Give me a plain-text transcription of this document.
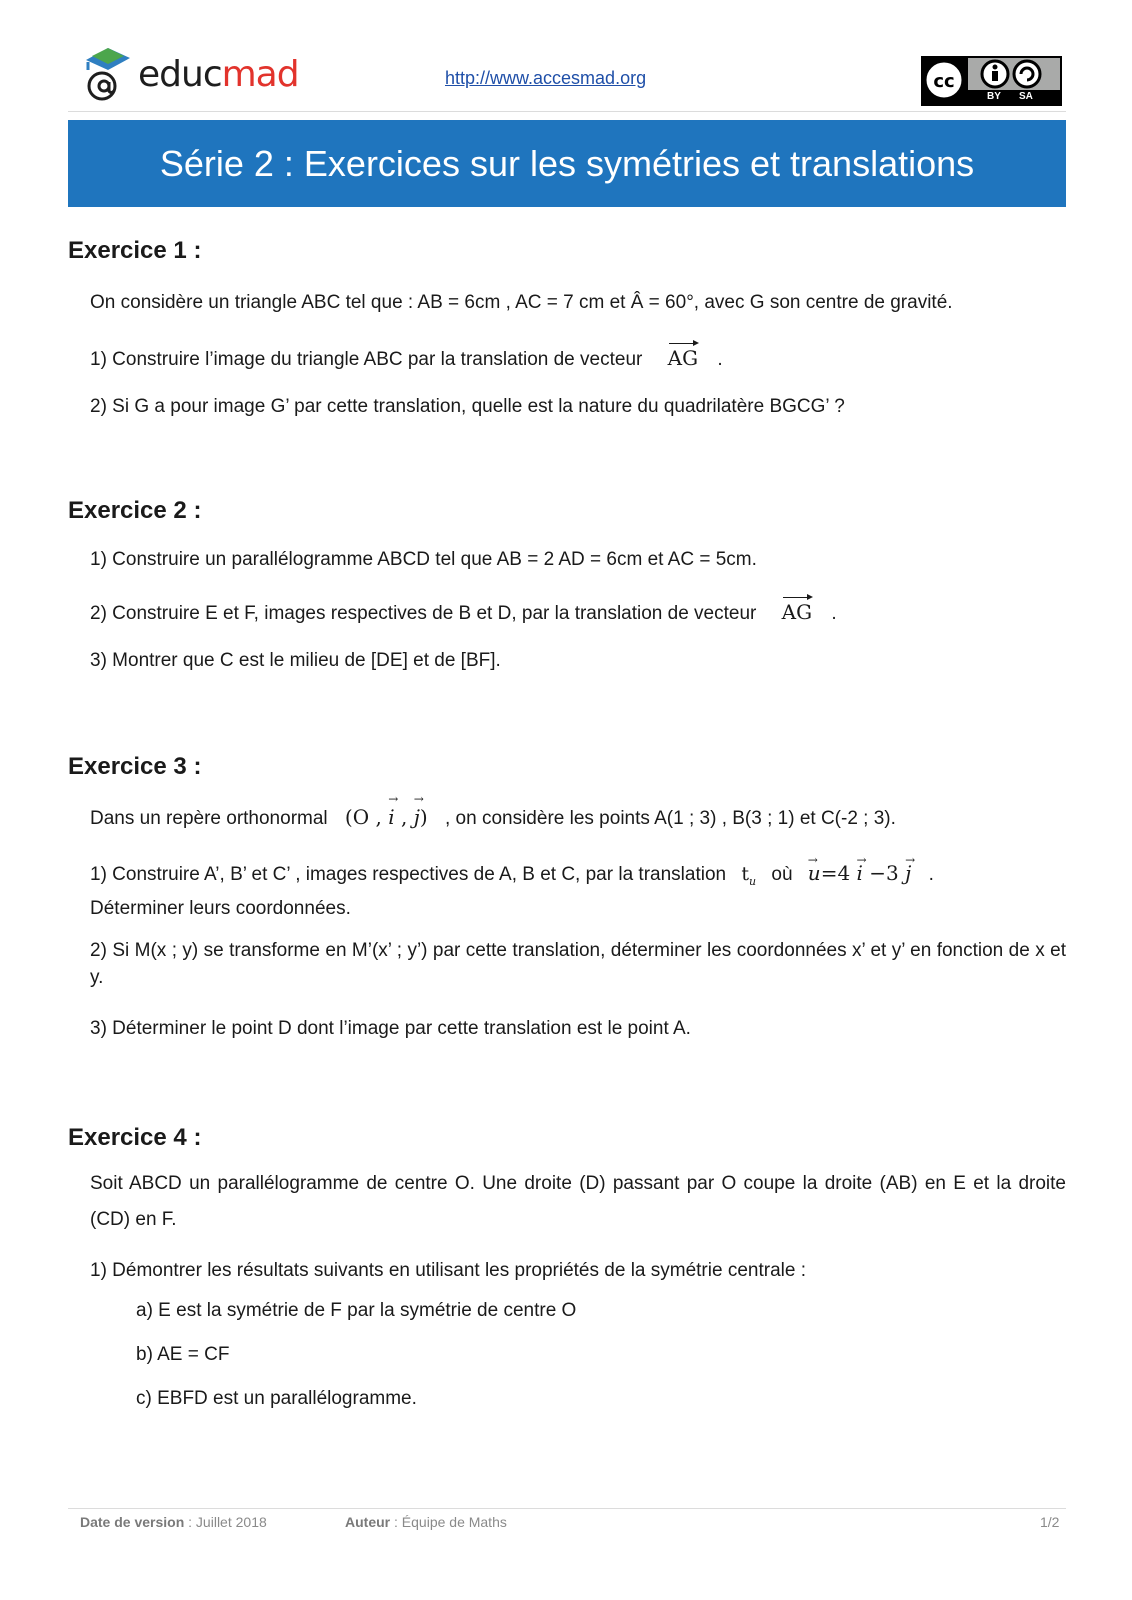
educmad	http://www.accesmad.org	cc
BY SA
Série 2 : Exercices sur les symétries et translations
Exercice 1 :
On considère un triangle ABC tel que : AB = 6cm , AC = 7 cm et Â = 60°, avec G son centre de gravité.
1) Construire l’image du triangle ABC par la translation de vecteur AG .
2) Si G a pour image G’ par cette translation, quelle est la nature du quadrilatère BGCG’ ?
Exercice 2 :
1) Construire un parallélogramme ABCD tel que AB = 2 AD = 6cm et AC = 5cm.
2) Construire E et F, images respectives de B et D, par la translation de vecteur AG .
3) Montrer que C est le milieu de [DE] et de [BF].
Exercice 3 :
Dans un repère orthonormal (O , i → , j →) , on considère les points A(1 ; 3) , B(3 ; 1) et C(-2 ; 3).
1) Construire A’, B’ et C’ , images respectives de A, B et C, par la translation $t_u$ où u →=4 i → −3 j → .
Déterminer leurs coordonnées.
2) Si M(x ; y) se transforme en M’(x’ ; y’) par cette translation, déterminer les coordonnées x’ et y’ en fonction de x et y.
3) Déterminer le point D dont l’image par cette translation est le point A.
Exercice 4 :
Soit ABCD un parallélogramme de centre O. Une droite (D) passant par O coupe la droite (AB) en E et la droite (CD) en F.
1) Démontrer les résultats suivants en utilisant les propriétés de la symétrie centrale :
a) E est la symétrie de F par la symétrie de centre O
b) AE = CF
c) EBFD est un parallélogramme.
Date de version : Juillet 2018	Auteur : Équipe de Maths	1/2
